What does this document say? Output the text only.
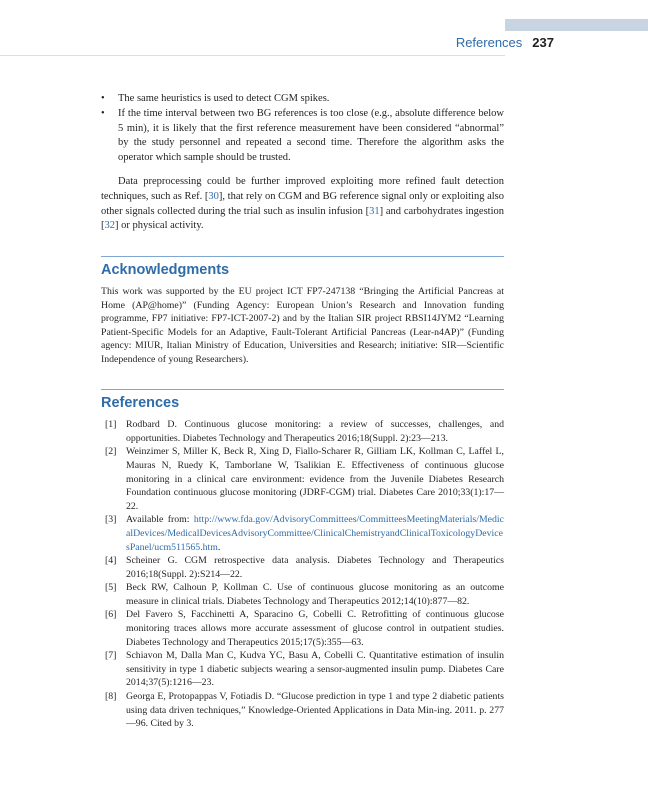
References 237
• The same heuristics is used to detect CGM spikes.
• If the time interval between two BG references is too close (e.g., absolute difference below 5 min), it is likely that the first reference measurement have been considered “abnormal” by the study personnel and repeated a second time. Therefore the algorithm asks the operator which sample should be trusted.

Data preprocessing could be further improved exploiting more refined fault detection techniques, such as Ref. [30], that rely on CGM and BG reference signal only or exploiting also other signals collected during the trial such as insulin infusion [31] and carbohydrates ingestion [32] or physical activity.

Acknowledgments

This work was supported by the EU project ICT FP7-247138 “Bringing the Artificial Pancreas at Home (AP@home)” (Funding Agency: European Union’s Research and Innovation funding programme, FP7 initiative: FP7-ICT-2007-2) and by the Italian SIR project RBSI14JYM2 “Learning Patient-Specific Models for an Adaptive, Fault-Tolerant Artificial Pancreas (Lear-n4AP)” (Funding agency: MIUR, Italian Ministry of Education, Universities and Research; initiative: SIR—Scientific Independence of young Researchers).

References
[1] Rodbard D. Continuous glucose monitoring: a review of successes, challenges, and opportunities. Diabetes Technology and Therapeutics 2016;18(Suppl. 2):23—213.
[2] Weinzimer S, Miller K, Beck R, Xing D, Fiallo-Scharer R, Gilliam LK, Kollman C, Laffel L, Mauras N, Ruedy K, Tamborlane W, Tsalikian E. Effectiveness of continuous glucose monitoring in a clinical care environment: evidence from the Juvenile Diabetes Research Foundation continuous glucose monitoring (JDRF-CGM) trial. Diabetes Care 2010;33(1):17—22.
[3] Available from: http://www.fda.gov/AdvisoryCommittees/CommitteesMeetingMaterials/MedicalDevices/MedicalDevicesAdvisoryCommittee/ClinicalChemistryandClinicalToxicologyDevicesPanel/ucm511565.htm.
[4] Scheiner G. CGM retrospective data analysis. Diabetes Technology and Therapeutics 2016;18(Suppl. 2):S214—22.
[5] Beck RW, Calhoun P, Kollman C. Use of continuous glucose monitoring as an outcome measure in clinical trials. Diabetes Technology and Therapeutics 2012;14(10):877—82.
[6] Del Favero S, Facchinetti A, Sparacino G, Cobelli C. Retrofitting of continuous glucose monitoring traces allows more accurate assessment of glucose control in outpatient studies. Diabetes Technology and Therapeutics 2015;17(5):355—63.
[7] Schiavon M, Dalla Man C, Kudva YC, Basu A, Cobelli C. Quantitative estimation of insulin sensitivity in type 1 diabetic subjects wearing a sensor-augmented insulin pump. Diabetes Care 2014;37(5):1216—23.
[8] Georga E, Protopappas V, Fotiadis D. “Glucose prediction in type 1 and type 2 diabetic patients using data driven techniques,” Knowledge-Oriented Applications in Data Min-ing. 2011. p. 277—96. Cited by 3.
